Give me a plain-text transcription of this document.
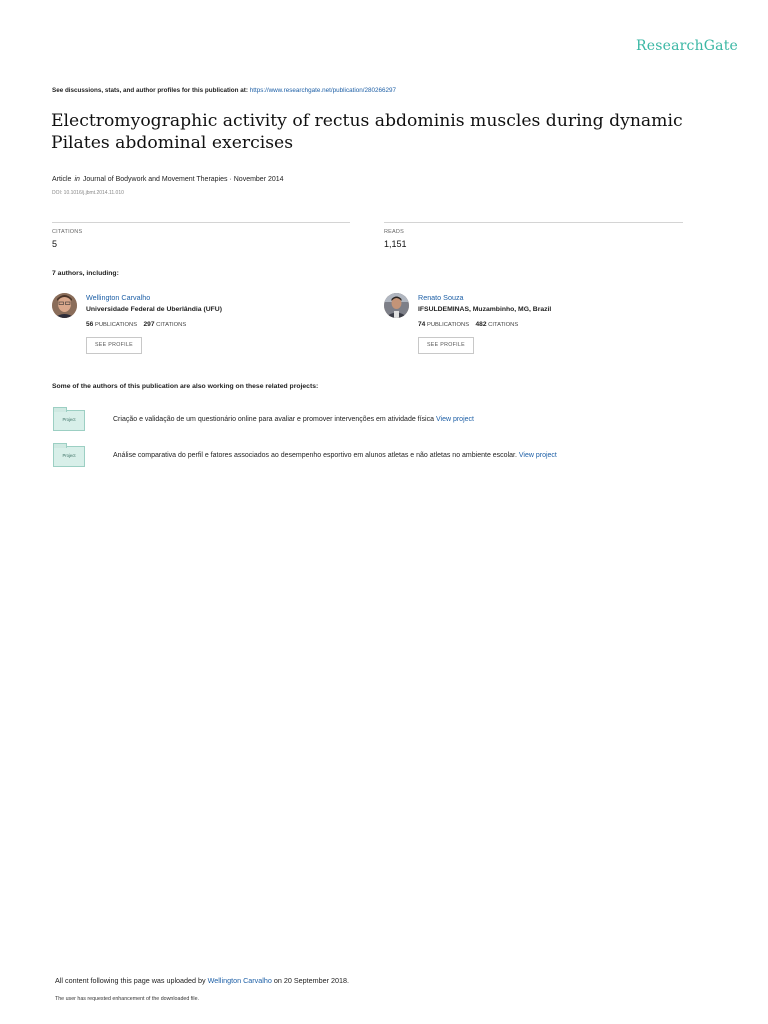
ResearchGate
See discussions, stats, and author profiles for this publication at: https://www.researchgate.net/publication/280266297
Electromyographic activity of rectus abdominis muscles during dynamic Pilates abdominal exercises
Article in Journal of Bodywork and Movement Therapies · November 2014
DOI: 10.1016/j.jbmt.2014.11.010
CITATIONS
5
READS
1,151
7 authors, including:
Wellington Carvalho
Universidade Federal de Uberlândia (UFU)
56 PUBLICATIONS 297 CITATIONS
SEE PROFILE
Renato Souza
IFSULDEMINAS, Muzambinho, MG, Brazil
74 PUBLICATIONS 482 CITATIONS
SEE PROFILE
Some of the authors of this publication are also working on these related projects:
Project	Criação e validação de um questionário online para avaliar e promover intervenções em atividade física View project
Project	Análise comparativa do perfil e fatores associados ao desempenho esportivo em alunos atletas e não atletas no ambiente escolar. View project
All content following this page was uploaded by Wellington Carvalho on 20 September 2018.
The user has requested enhancement of the downloaded file.
